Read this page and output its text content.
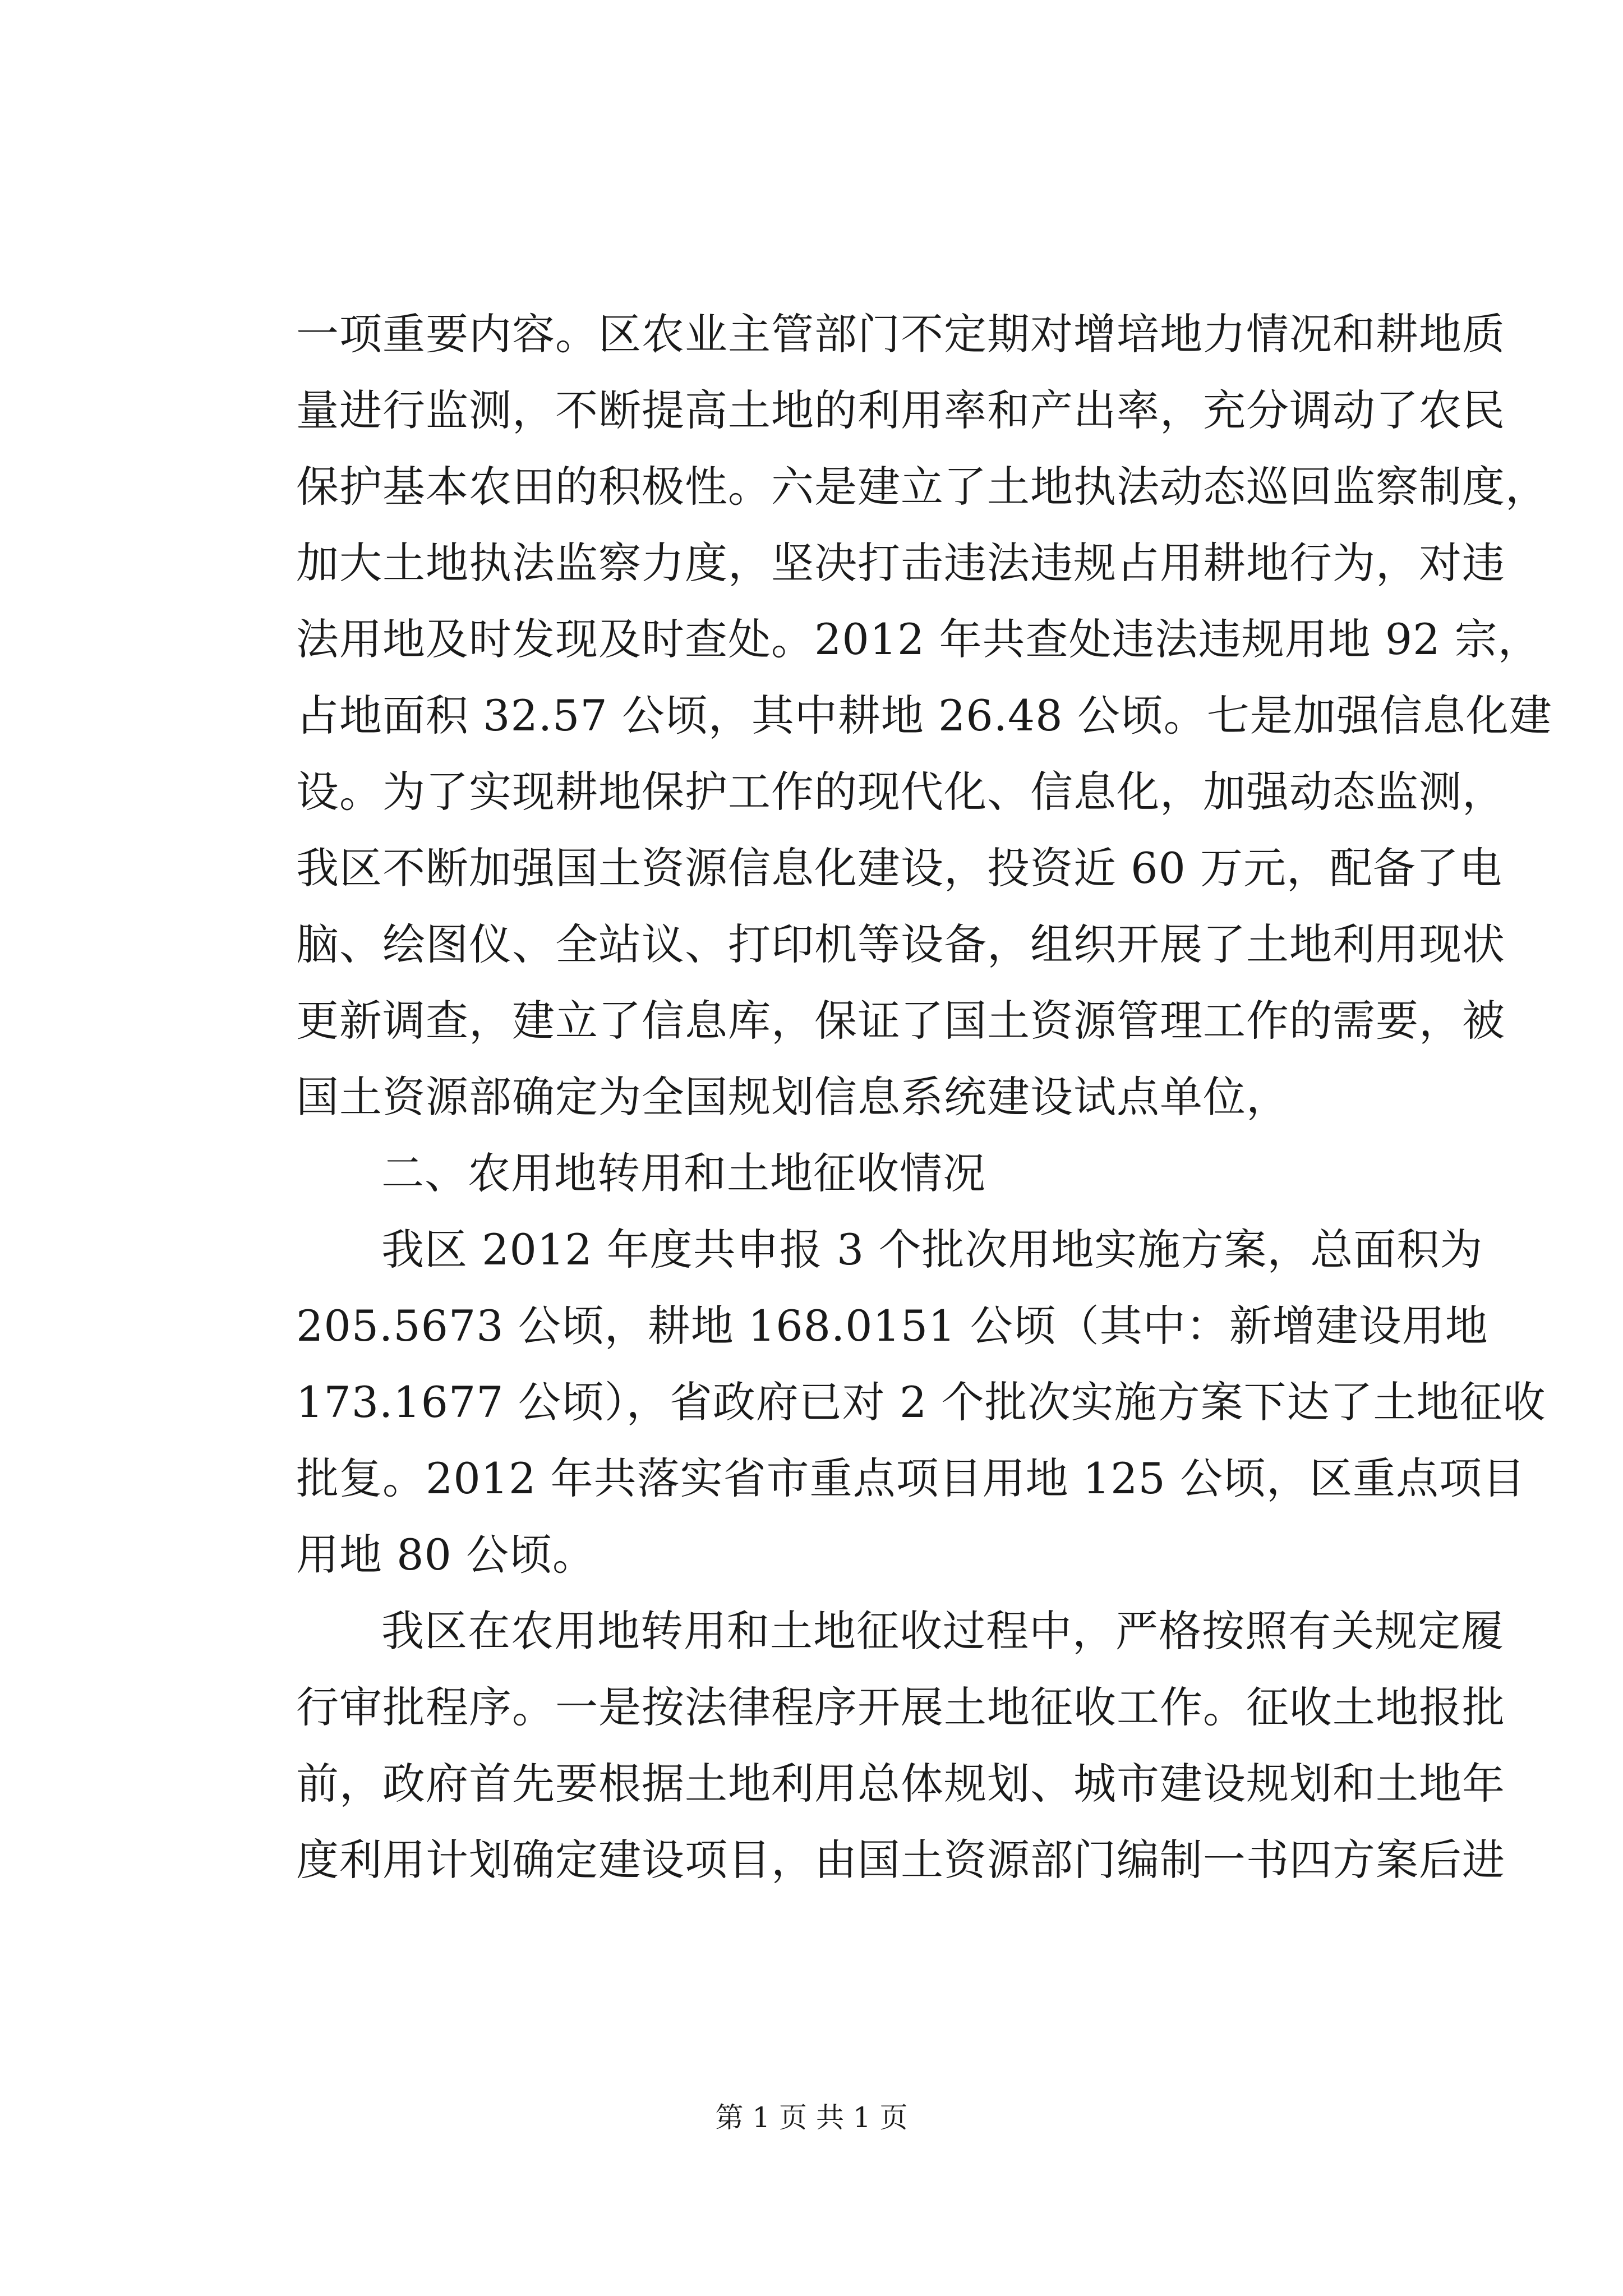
一项重要内容。区农业主管部门不定期对增培地力情况和耕地质
量进行监测，不断提高土地的利用率和产出率，充分调动了农民
保护基本农田的积极性。六是建立了土地执法动态巡回监察制度，
加大土地执法监察力度，坚决打击违法违规占用耕地行为，对违
法用地及时发现及时查处。2012 年共查处违法违规用地 92 宗，
占地面积 32.57 公顷，其中耕地 26.48 公顷。七是加强信息化建
设。为了实现耕地保护工作的现代化、信息化，加强动态监测，
我区不断加强国土资源信息化建设，投资近 60 万元，配备了电
脑、绘图仪、全站议、打印机等设备，组织开展了土地利用现状
更新调查，建立了信息库，保证了国土资源管理工作的需要，被
国土资源部确定为全国规划信息系统建设试点单位，
二、农用地转用和土地征收情况
我区 2012 年度共申报 3 个批次用地实施方案，总面积为
205.5673 公顷，耕地 168.0151 公顷（其中：新增建设用地
173.1677 公顷），省政府已对 2 个批次实施方案下达了土地征收
批复。2012 年共落实省市重点项目用地 125 公顷，区重点项目
用地 80 公顷。
我区在农用地转用和土地征收过程中，严格按照有关规定履
行审批程序。一是按法律程序开展土地征收工作。征收土地报批
前，政府首先要根据土地利用总体规划、城市建设规划和土地年
度利用计划确定建设项目，由国土资源部门编制一书四方案后进
第 1 页 共 1 页
